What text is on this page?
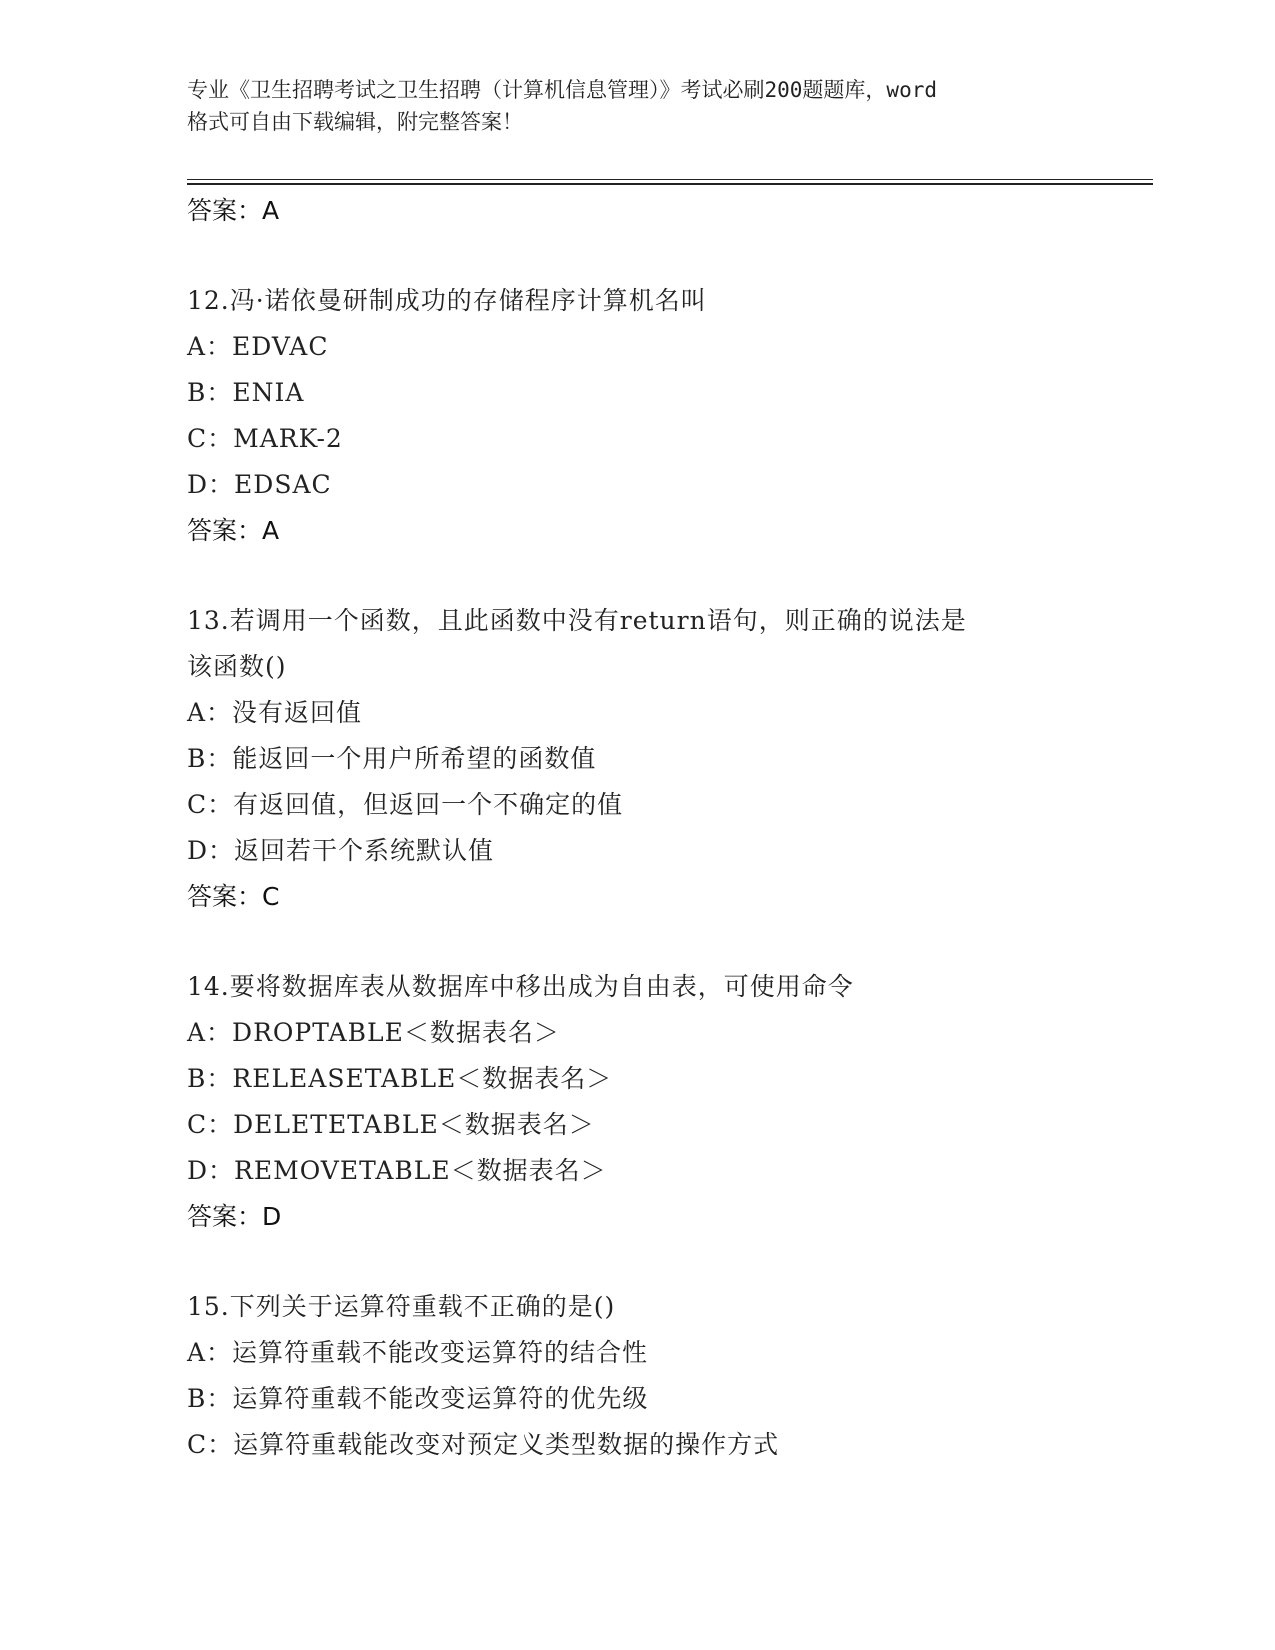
专业《卫生招聘考试之卫生招聘（计算机信息管理）》考试必刷200题题库，word
格式可自由下载编辑，附完整答案！
答案：A
12.冯·诺依曼研制成功的存储程序计算机名叫
A：EDVAC
B：ENIA
C：MARK-2
D：EDSAC
答案：A
13.若调用一个函数，且此函数中没有return语句，则正确的说法是
该函数()
A：没有返回值
B：能返回一个用户所希望的函数值
C：有返回值，但返回一个不确定的值
D：返回若干个系统默认值
答案：C
14.要将数据库表从数据库中移出成为自由表，可使用命令
A：DROPTABLE＜数据表名＞
B：RELEASETABLE＜数据表名＞
C：DELETETABLE＜数据表名＞
D：REMOVETABLE＜数据表名＞
答案：D
15.下列关于运算符重载不正确的是()
A：运算符重载不能改变运算符的结合性
B：运算符重载不能改变运算符的优先级
C：运算符重载能改变对预定义类型数据的操作方式
